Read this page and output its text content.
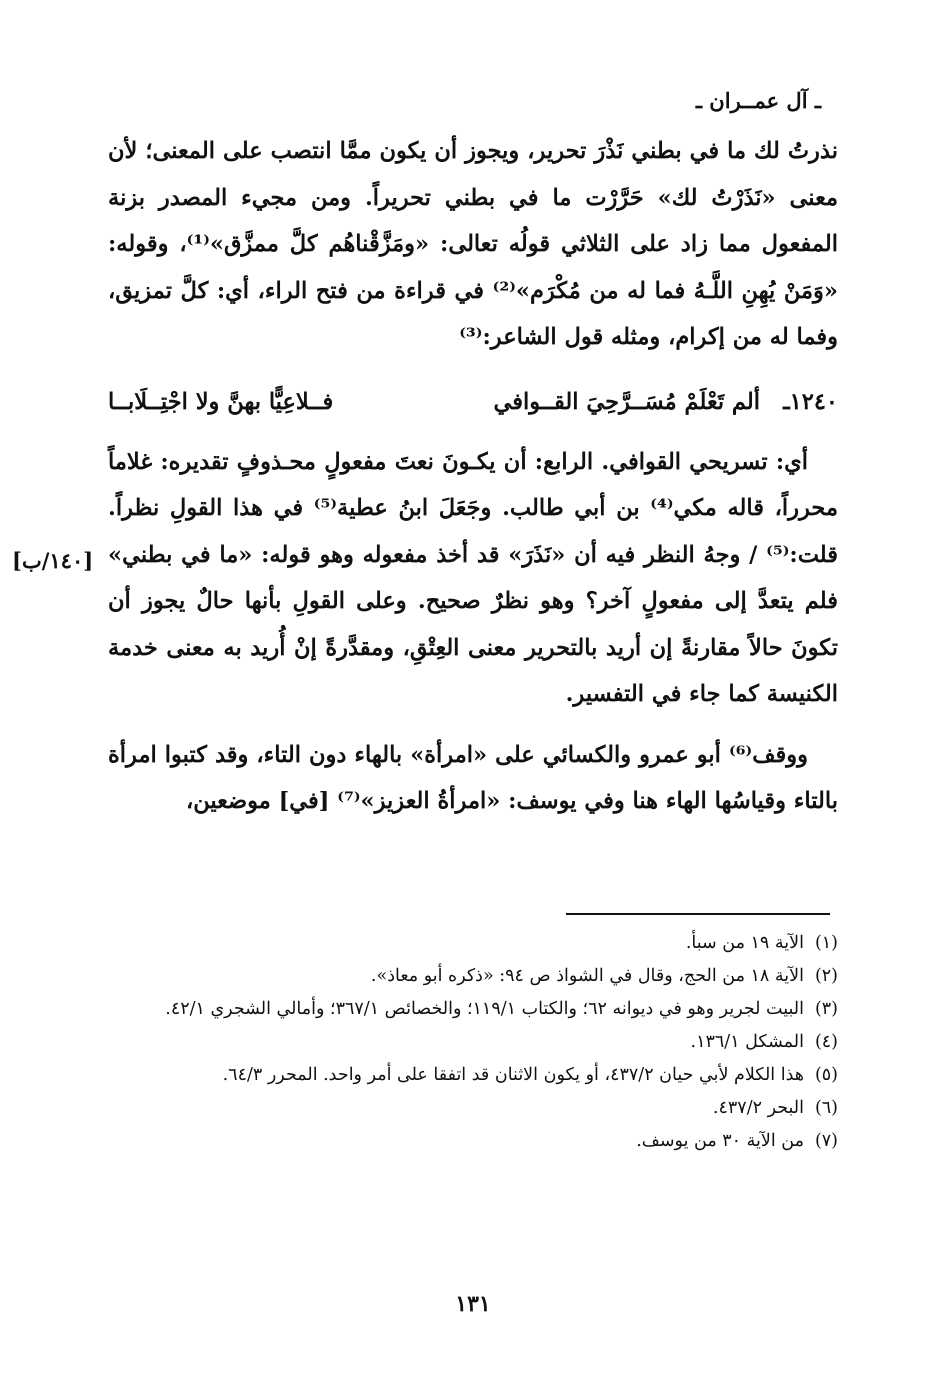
ـ آل عمــران ـ

نذرتُ لك ما في بطني نَذْرَ تحرير، ويجوز أن يكون ممَّا انتصب على المعنى؛ لأن معنى «نَذَرْتُ لك» حَرَّرْت ما في بطني تحريراً. ومن مجيء المصدر بزنة المفعول مما زاد على الثلاثي قولُه تعالى: «ومَزَّقْناهُم كلَّ ممزَّق»⁽¹⁾، وقوله: «وَمَنْ يُهِنِ اللَّـهُ فما له من مُكْرَم»⁽²⁾ في قراءة من فتح الراء، أي: كلَّ تمزيق، وفما له من إكرام، ومثله قول الشاعر:⁽³⁾

١٢٤٠ـ
ألم تَعْلَمْ مُسَــرَّحِيَ القــوافي
فــلاعِيًّا بهنَّ ولا اجْتِــلَابــا

أي: تسريحي القوافي. الرابع: أن يكـونَ نعتَ مفعولٍ محـذوفٍ تقديره: غلاماً محرراً، قاله مكي⁽⁴⁾ بن أبي طالب. وجَعَلَ ابنُ عطية⁽⁵⁾ في هذا القولِ نظراً. قلت:⁽⁵⁾ / وجهُ النظر فيه أن «نَذَرَ» قد أخذ مفعوله وهو قوله: «ما في بطني» فلم يتعدَّ إلى مفعولٍ آخر؟ وهو نظرٌ صحيح. وعلى القولِ بأنها حالٌ يجوز أن تكونَ حالاً مقارنةً إن أريد بالتحرير معنى العِتْقِ، ومقدَّرةً إنْ أُريد به معنى خدمة الكنيسة كما جاء في التفسير.

ووقف⁽⁶⁾ أبو عمرو والكسائي على «امرأة» بالهاء دون التاء، وقد كتبوا امرأة بالتاء وقياسُها الهاء هنا وفي يوسف: «امرأةُ العزيز»⁽⁷⁾ [في] موضعين،

[١٤٠/ب]
(١)
الآية ١٩ من سبأ.
(٢)
الآية ١٨ من الحج، وقال في الشواذ ص ٩٤: «ذكره أبو معاذ».
(٣)
البيت لجرير وهو في ديوانه ٦٢؛ والكتاب ١١٩/١؛ والخصائص ٣٦٧/١؛ وأمالي الشجري ٤٢/١.
(٤)
المشكل ١٣٦/١.
(٥)
هذا الكلام لأبي حيان ٤٣٧/٢، أو يكون الاثنان قد اتفقا على أمر واحد. المحرر ٦٤/٣.
(٦)
البحر ٤٣٧/٢.
(٧)
من الآية ٣٠ من يوسف.
١٣١
